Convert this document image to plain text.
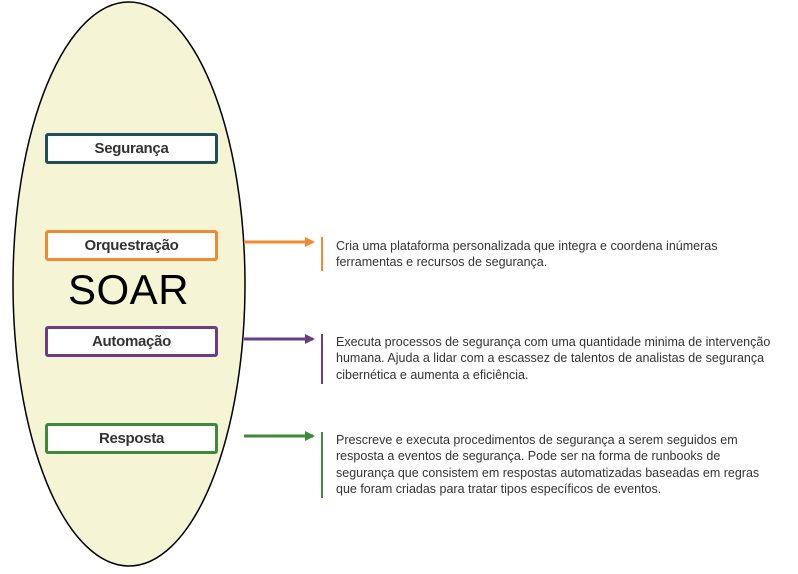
Segurança
Orquestração
SOAR
Automação
Resposta
Cria uma plataforma personalizada que integra e coordena inúmeras ferramentas e recursos de segurança.
Executa processos de segurança com uma quantidade minima de intervenção humana. Ajuda a lidar com a escassez de talentos de analistas de segurança cibernética e aumenta a eficiência.
Prescreve e executa procedimentos de segurança a serem seguidos em resposta a eventos de segurança. Pode ser na forma de runbooks de segurança que consistem em respostas automatizadas baseadas em regras que foram criadas para tratar tipos específicos de eventos.
